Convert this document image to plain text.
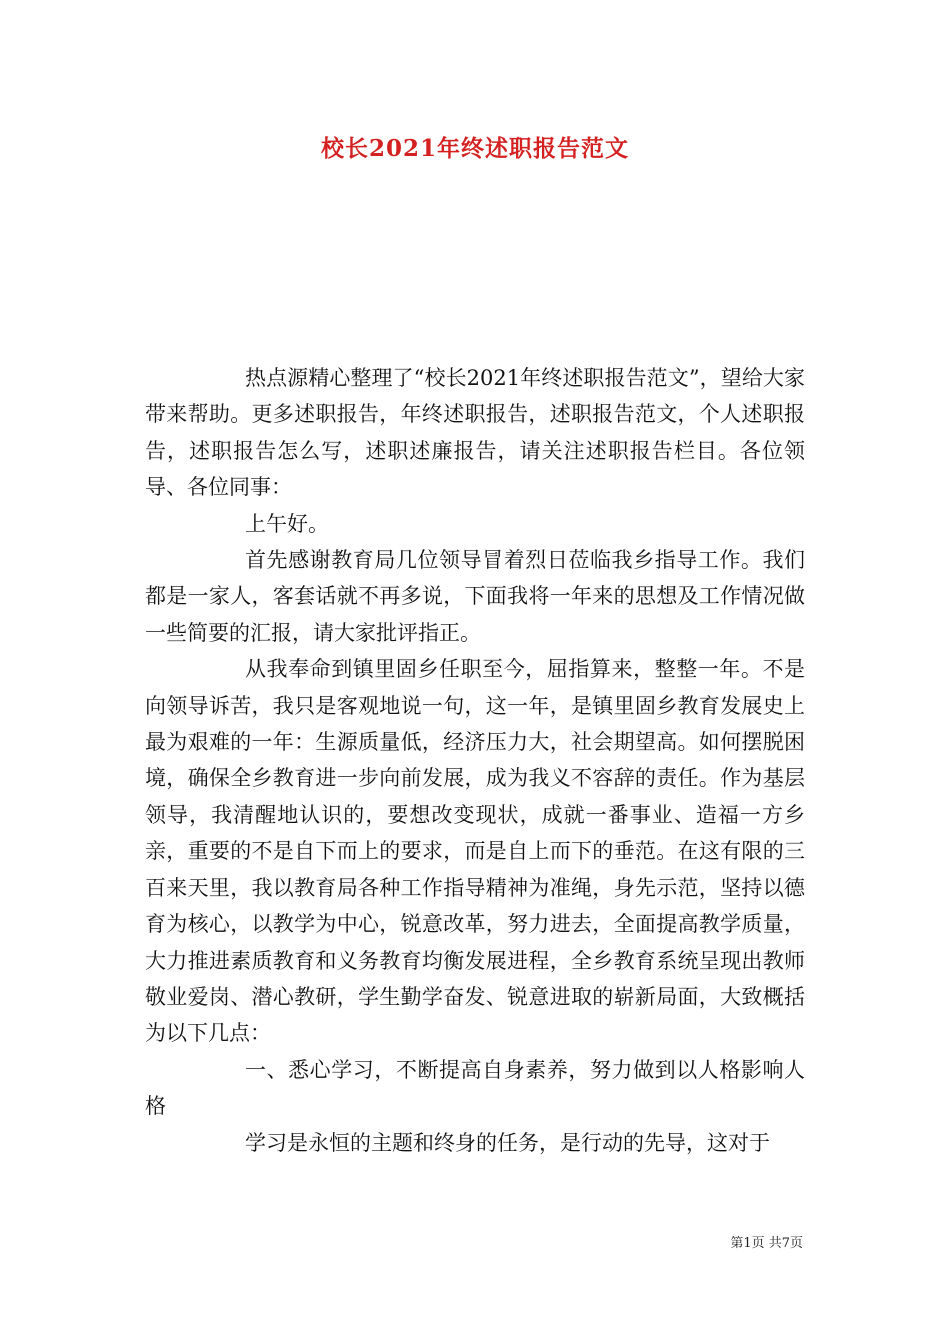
校长2021年终述职报告范文

热点源精心整理了“校长2021年终述职报告范文”，望给大家带来帮助。更多述职报告，年终述职报告，述职报告范文，个人述职报告，述职报告怎么写，述职述廉报告，请关注述职报告栏目。各位领导、各位同事：

上午好。

首先感谢教育局几位领导冒着烈日莅临我乡指导工作。我们都是一家人，客套话就不再多说，下面我将一年来的思想及工作情况做一些简要的汇报，请大家批评指正。

从我奉命到镇里固乡任职至今，屈指算来，整整一年。不是向领导诉苦，我只是客观地说一句，这一年，是镇里固乡教育发展史上最为艰难的一年：生源质量低，经济压力大，社会期望高。如何摆脱困境，确保全乡教育进一步向前发展，成为我义不容辞的责任。作为基层领导，我清醒地认识的，要想改变现状，成就一番事业、造福一方乡亲，重要的不是自下而上的要求，而是自上而下的垂范。在这有限的三百来天里，我以教育局各种工作指导精神为准绳，身先示范，坚持以德育为核心，以教学为中心，锐意改革，努力进去，全面提高教学质量，大力推进素质教育和义务教育均衡发展进程，全乡教育系统呈现出教师敬业爱岗、潜心教研，学生勤学奋发、锐意进取的崭新局面，大致概括为以下几点：

一、悉心学习，不断提高自身素养，努力做到以人格影响人格

学习是永恒的主题和终身的任务，是行动的先导，这对于

第1页 共7页
